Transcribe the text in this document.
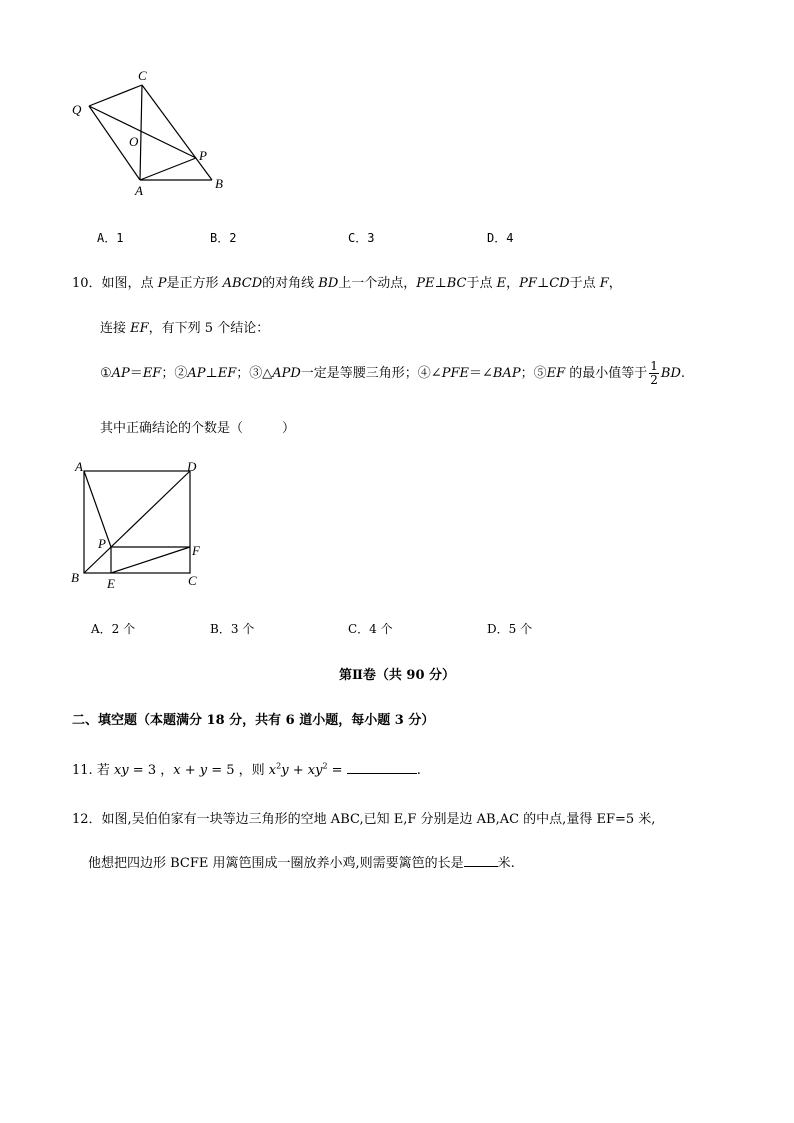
C
Q
O
P
A	B
A．1	B．2	C．3	D．4
10．如图，点 P是正方形 ABCD的对角线 BD上一个动点，PE⊥BC于点 E，PF⊥CD于点 F，
连接 EF，有下列 5 个结论：
①AP＝EF；②AP⊥EF；③△APD一定是等腰三角形；④∠PFE＝∠BAP；⑤EF 的最小值等于 $\frac{1}{2}$ BD.
其中正确结论的个数是（　　　）
A	D
P	F
B E	C
A．2 个	B．3 个	C．4 个	D．5 个
第Ⅱ卷（共 90 分）
二、填空题（本题满分 18 分，共有 6 道小题，每小题 3 分）
11. 若 xy = 3 ，x + y = 5 ，则 $x^2y + xy^2$ =	.
12．如图,吴伯伯家有一块等边三角形的空地 ABC,已知 E,F 分别是边 AB,AC 的中点,量得 EF=5 米,
他想把四边形 BCFE 用篱笆围成一圈放养小鸡,则需要篱笆的长是	米.
